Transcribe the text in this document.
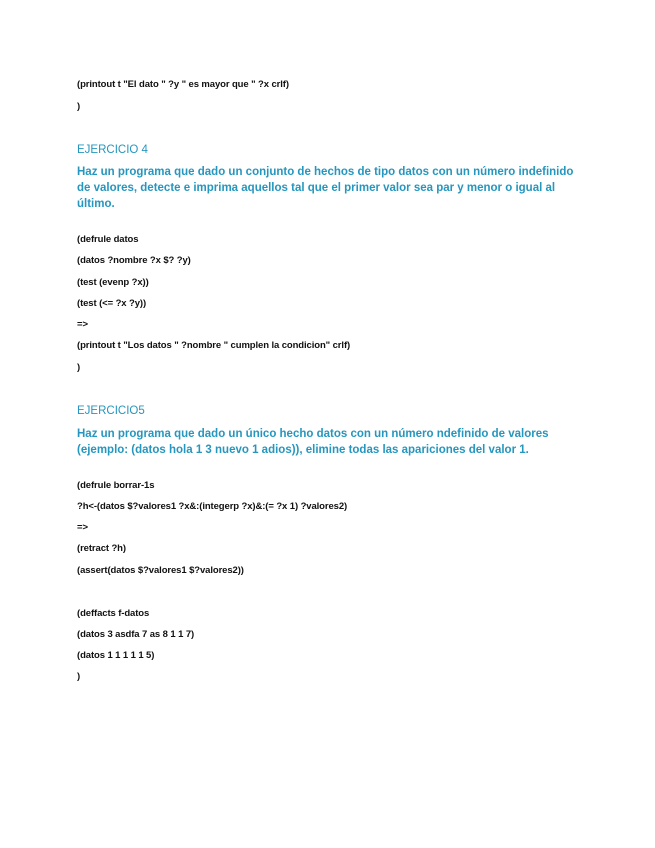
(printout t "El dato " ?y " es mayor que " ?x crlf)
)
EJERCICIO 4
Haz un programa que dado un conjunto de hechos de tipo datos con un número indefinido
de valores, detecte e imprima aquellos tal que el primer valor sea par y menor o igual al
último.
(defrule datos
(datos ?nombre ?x $? ?y)
(test (evenp ?x))
(test (<= ?x ?y))
=>
(printout t "Los datos " ?nombre " cumplen la condicion" crlf)
)
EJERCICIO5
Haz un programa que dado un único hecho datos con un número ndefinido de valores
(ejemplo: (datos hola 1 3 nuevo 1 adios)), elimine todas las apariciones del valor 1.
(defrule borrar-1s
?h<-(datos $?valores1 ?x&:(integerp ?x)&:(= ?x 1) ?valores2)
=>
(retract ?h)
(assert(datos $?valores1 $?valores2))
(deffacts f-datos
(datos 3 asdfa 7 as 8 1 1 7)
(datos 1 1 1 1 1 5)
)
